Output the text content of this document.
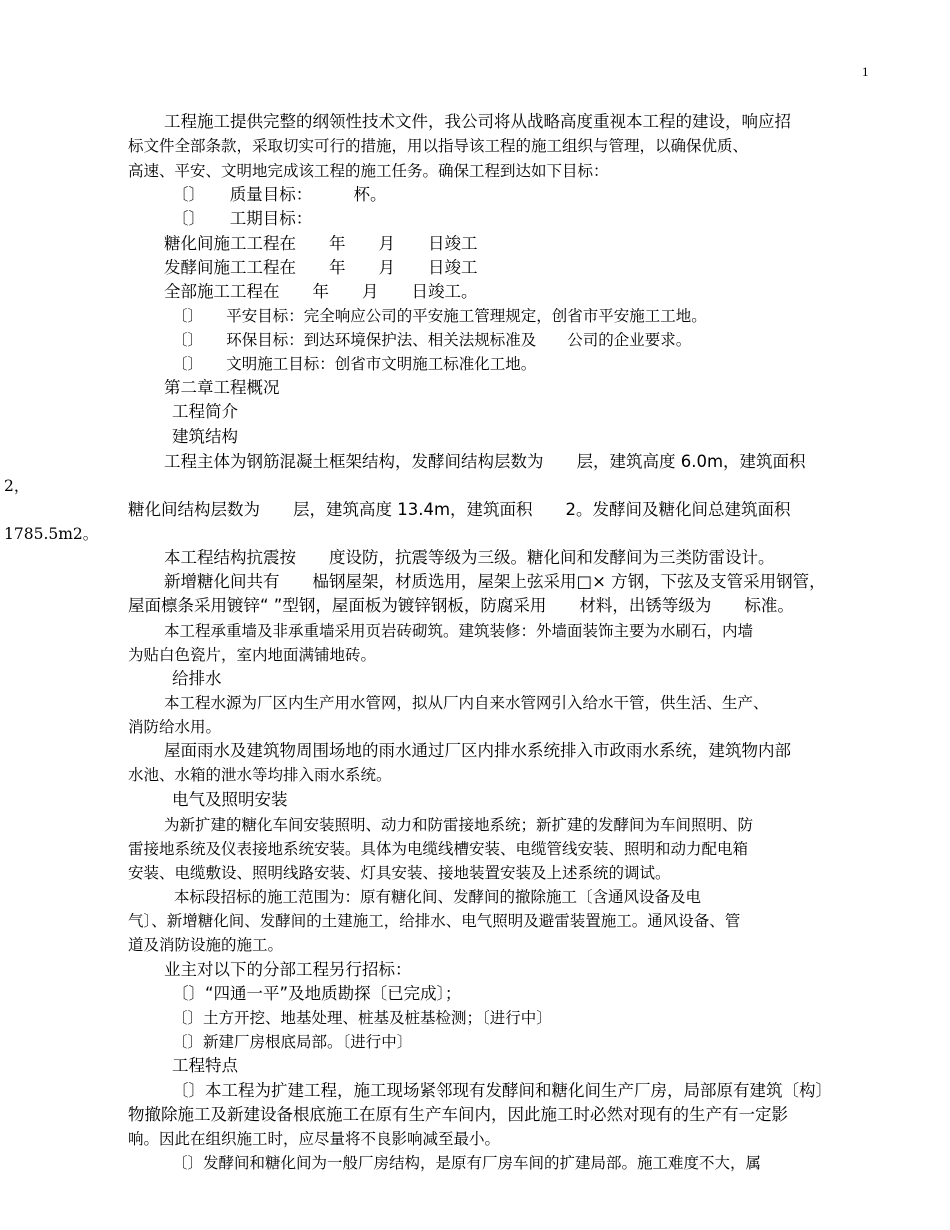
1
工程施工提供完整的纲领性技术文件，我公司将从战略高度重视本工程的建设，响应招
标文件全部条款，采取切实可行的措施，用以指导该工程的施工组织与管理，以确保优质、
高速、平安、文明地完成该工程的施工任务。确保工程到达如下目标：
〔〕　　质量目标：　　　杯。
〔〕　　工期目标：
糖化间施工工程在　　年　　月　　日竣工
发酵间施工工程在　　年　　月　　日竣工
全部施工工程在　　年　　月　　日竣工。
〔〕　　平安目标：完全响应公司的平安施工管理规定，创省市平安施工工地。
〔〕　　环保目标：到达环境保护法、相关法规标准及　　公司的企业要求。
〔〕　　文明施工目标：创省市文明施工标准化工地。
第二章工程概况
工程简介
建筑结构
工程主体为钢筋混凝土框架结构，发酵间结构层数为　　层，建筑高度 6.0m，建筑面积
2，
糖化间结构层数为　　层，建筑高度 13.4m，建筑面积　　2。发酵间及糖化间总建筑面积
1785.5m2。
本工程结构抗震按　　度设防，抗震等级为三级。糖化间和发酵间为三类防雷设计。
新增糖化间共有　　榀钢屋架，材质选用，屋架上弦采用□× 方钢，下弦及支管采用钢管，
屋面檩条采用镀锌“ ”型钢，屋面板为镀锌钢板，防腐采用　　材料，出锈等级为　　标准。
本工程承重墙及非承重墙采用页岩砖砌筑。建筑装修：外墙面装饰主要为水刷石，内墙
为贴白色瓷片，室内地面满铺地砖。
给排水
本工程水源为厂区内生产用水管网，拟从厂内自来水管网引入给水干管，供生活、生产、
消防给水用。
屋面雨水及建筑物周围场地的雨水通过厂区内排水系统排入市政雨水系统，建筑物内部
水池、水箱的泄水等均排入雨水系统。
电气及照明安装
为新扩建的糖化车间安装照明、动力和防雷接地系统；新扩建的发酵间为车间照明、防
雷接地系统及仪表接地系统安装。具体为电缆线槽安装、电缆管线安装、照明和动力配电箱
安装、电缆敷设、照明线路安装、灯具安装、接地装置安装及上述系统的调试。
本标段招标的施工范围为：原有糖化间、发酵间的撤除施工〔含通风设备及电
气〕、新增糖化间、发酵间的土建施工，给排水、电气照明及避雷装置施工。通风设备、管
道及消防设施的施工。
业主对以下的分部工程另行招标：
〔〕“四通一平”及地质勘探〔已完成〕；
〔〕土方开挖、地基处理、桩基及桩基检测；〔进行中〕
〔〕新建厂房根底局部。〔进行中〕
工程特点
〔〕本工程为扩建工程，施工现场紧邻现有发酵间和糖化间生产厂房，局部原有建筑〔构〕
物撤除施工及新建设备根底施工在原有生产车间内，因此施工时必然对现有的生产有一定影
响。因此在组织施工时，应尽量将不良影响减至最小。
〔〕发酵间和糖化间为一般厂房结构，是原有厂房车间的扩建局部。施工难度不大，属
